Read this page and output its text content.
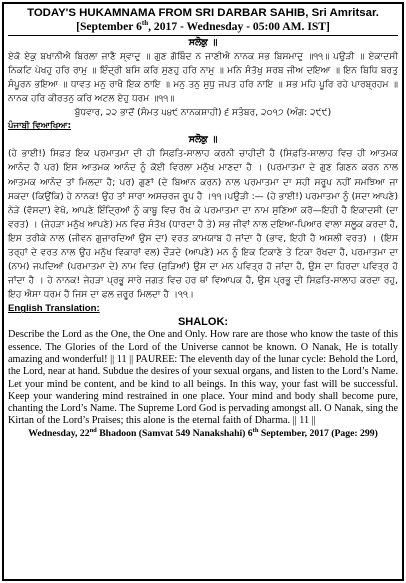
TODAY'S HUKAMNAMA FROM SRI DARBAR SAHIB, Sri Amritsar.
[September 6th, 2017 - Wednesday - 05:00 AM. IST]
ਸਲੋਕੁ ॥
ਏਕੋ ਏਕੁ ਬਖਾਨੀਐ ਬਿਰਲਾ ਜਾਣੈ ਸ੍ਵਾਦੁ ॥ ਗੁਣ ਗੋਬਿੰਦ ਨ ਜਾਣੀਐ ਨਾਨਕ ਸਭ ਬਿਸਮਾਦੁ ॥੧੧॥ ਪਉੜੀ ॥ ਏਕਾਦਸੀ ਨਿਕਟਿ ਪੇਖਹੁ ਹਰਿ ਰਾਮੁ ॥ ਇੰਦ੍ਰੀ ਬਸਿ ਕਰਿ ਸੁਣਹੁ ਹਰਿ ਨਾਮੁ ॥ ਮਨਿ ਸੰਤੋਖੁ ਸਰਬ ਜੀਅ ਦਇਆ ॥ ਇਨ ਬਿਧਿ ਬਰਤੁ ਸੰਪੂਰਨ ਭਇਆ ॥ ਧਾਵਤ ਮਨੁ ਰਾਖੈ ਇਕ ਠਾਇ ॥ ਮਨੁ ਤਨੁ ਸੁਧੁ ਜਪਤ ਹਰਿ ਨਾਇ ॥ ਸਭ ਮਹਿ ਪੂਰਿ ਰਹੇ ਪਾਰਬ੍ਰਹਮ ॥ ਨਾਨਕ ਹਰਿ ਕੀਰਤਨੁ ਕਰਿ ਅਟਲ ਏਹੁ ਧਰਮ ॥੧੧॥
ਬੁੱਧਵਾਰ, ੨੨ ਭਾਦੋਂ (ਸੰਮਤ ੫੪੯ ਨਾਨਕਸ਼ਾਹੀ) ੬ ਸਤੰਬਰ, ੨੦੧੭ (ਅੰਗ: ੨੯੯)
ਪੰਜਾਬੀ ਵਿਆਖਿਆ:
ਸਲੋਕੁ ॥
(ਹੇ ਭਾਈ!) ਸਿਫ਼ਤ ਇਕ ਪਰਮਾਤਮਾ ਦੀ ਹੀ ਸਿਫ਼ਤਿ-ਸਾਲਾਹ ਕਰਨੀ ਚਾਹੀਦੀ ਹੈ (ਸਿਫ਼ਤਿ-ਸਾਲਾਹ ਵਿਚ ਹੀ ਆਤਮਕ ਆਨੰਦ ਹੈ ਪਰ) ਇਸ ਆਤਮਕ ਆਨੰਦ ਨੂੰ ਕੋਈ ਵਿਰਲਾ ਮਨੁੱਖ ਮਾਣਦਾ ਹੈ । (ਪਰਮਾਤਮਾ ਦੇ ਗੁਣ ਗਿਣਨ ਕਰਨ ਨਾਲ ਆਤਮਕ ਆਨੰਦ ਤਾਂ ਮਿਲਦਾ ਹੈ; ਪਰ) ਗੁਣਾਂ (ਦੇ ਬਿਆਨ ਕਰਨ) ਨਾਲ ਪਰਮਾਤਮਾ ਦਾ ਸਹੀ ਸਰੂਪ ਨਹੀਂ ਸਮਝਿਆ ਜਾ ਸਕਦਾ (ਕਿਉਂਕਿ) ਹੇ ਨਾਨਕ! ਉਹ ਤਾਂ ਸਾਰਾ ਅਸਚਰਜ ਰੂਪ ਹੈ ।੧੧।ਪਉੜੀ :— (ਹੇ ਭਾਈ!) ਪਰਮਾਤਮਾ ਨੂੰ (ਸਦਾ ਆਪਣੇ) ਨੇੜੇ (ਵੱਸਦਾ) ਵੇਖੋ, ਆਪਣੇ ਇੰਦ੍ਰਿਆਂ ਨੂੰ ਕਾਬੂ ਵਿਚ ਰੱਖ ਕੇ ਪਰਮਾਤਮਾ ਦਾ ਨਾਮ ਸੁਣਿਆ ਕਰੋ—ਇਹੀ ਹੈ ਇਕਾਦਸੀ (ਦਾ ਵਰਤ) । (ਜੇਹੜਾ ਮਨੁੱਖ ਆਪਣੇ) ਮਨ ਵਿਚ ਸੰਤੋਖ (ਧਾਰਦਾ ਹੈ ਤੇ) ਸਭ ਜੀਵਾਂ ਨਾਲ ਦਇਆ-ਪਿਆਰ ਵਾਲਾ ਸਲੂਕ ਕਰਦਾ ਹੈ, ਇਸ ਤਰੀਕੇ ਨਾਲ (ਜੀਵਨ ਗੁਜ਼ਾਰਦਿਆਂ ਉਸ ਦਾ) ਵਰਤ ਕਾਮਯਾਬ ਹੋ ਜਾਂਦਾ ਹੈ (ਭਾਵ, ਇਹੀ ਹੈ ਅਸਲੀ ਵਰਤ) । (ਇਸ ਤਰ੍ਹਾਂ ਦੇ ਵਰਤ ਨਾਲ ਉਹ ਮਨੁੱਖ ਵਿਕਾਰਾਂ ਵਲ) ਦੌੜਦੇ (ਆਪਣੇ) ਮਨ ਨੂੰ ਇਕ ਟਿਕਾਣੇ ਤੇ ਟਿਕਾ ਰੱਖਦਾ ਹੈ, ਪਰਮਾਤਮਾ ਦਾ (ਨਾਮ) ਜਪਦਿਆਂ (ਪਰਮਾਤਮਾ ਦੇ) ਨਾਮ ਵਿਚ (ਜੁੜਿਆਂ) ਉਸ ਦਾ ਮਨ ਪਵਿਤ੍ਰ ਹੋ ਜਾਂਦਾ ਹੈ, ਉਸ ਦਾ ਹਿਰਦਾ ਪਵਿਤ੍ਰ ਹੋ ਜਾਂਦਾ ਹੈ । ਹੇ ਨਾਨਕ! ਜੇਹੜਾ ਪ੍ਰਭੂ ਸਾਰੇ ਜਗਤ ਵਿਚ ਹਰ ਥਾਂ ਵਿਆਪਕ ਹੈ, ਉਸ ਪ੍ਰਭੂ ਦੀ ਸਿਫ਼ਤਿ-ਸਾਲਾਹ ਕਰਦਾ ਰਹੁ, ਇਹ ਐਸਾ ਧਰਮ ਹੈ ਜਿਸ ਦਾ ਫਲ ਜ਼ਰੂਰ ਮਿਲਦਾ ਹੈ ।੧੧।
English Translation:
SHALOK:
Describe the Lord as the One, the One and Only. How rare are those who know the taste of this essence. The Glories of the Lord of the Universe cannot be known. O Nanak, He is totally amazing and wonderful! || 11 || PAUREE: The eleventh day of the lunar cycle: Behold the Lord, the Lord, near at hand. Subdue the desires of your sexual organs, and listen to the Lord’s Name. Let your mind be content, and be kind to all beings. In this way, your fast will be successful. Keep your wandering mind restrained in one place. Your mind and body shall become pure, chanting the Lord’s Name. The Supreme Lord God is pervading amongst all. O Nanak, sing the Kirtan of the Lord’s Praises; this alone is the eternal faith of Dharma. || 11 ||
Wednesday, 22nd Bhadoon (Samvat 549 Nanakshahi) 6th September, 2017 (Page: 299)
